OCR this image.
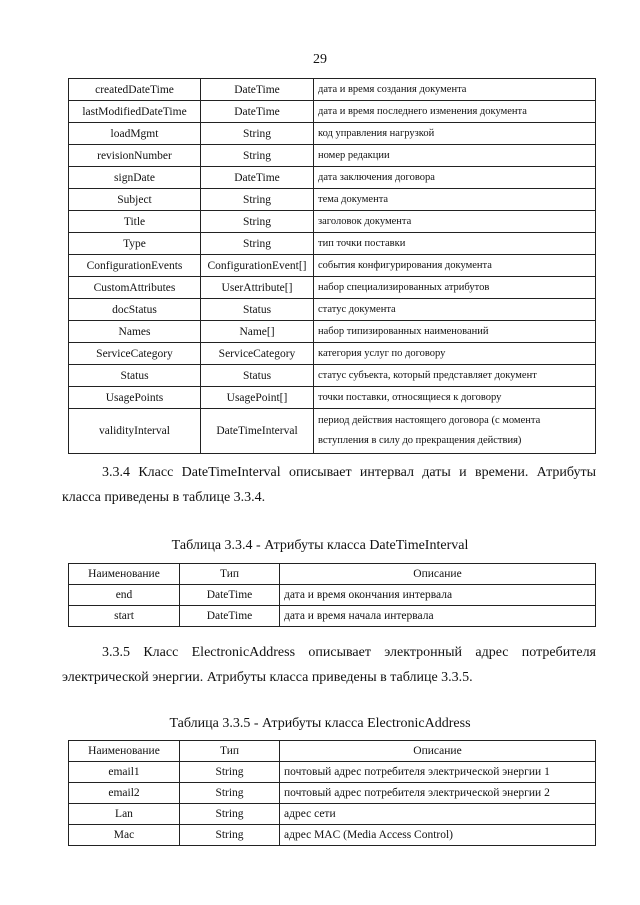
29
createdDateTime	DateTime	дата и время создания документа
lastModifiedDateTime	DateTime	дата и время последнего изменения документа
loadMgmt	String	код управления нагрузкой
revisionNumber	String	номер редакции
signDate	DateTime	дата заключения договора
Subject	String	тема документа
Title	String	заголовок документа
Type	String	тип точки поставки
ConfigurationEvents	ConfigurationEvent[]	события конфигурирования документа
CustomAttributes	UserAttribute[]	набор специализированных атрибутов
docStatus	Status	статус документа
Names	Name[]	набор типизированных наименований
ServiceCategory	ServiceCategory	категория услуг по договору
Status	Status	статус субъекта, который представляет документ
UsagePoints	UsagePoint[]	точки поставки, относящиеся к договору
validityInterval	DateTimeInterval	период действия настоящего договора (с момента вступления в силу до прекращения действия)
3.3.4 Класс DateTimeInterval описывает интервал даты и времени. Атрибуты класса приведены в таблице 3.3.4.
Таблица 3.3.4 - Атрибуты класса DateTimeInterval
Наименование	Тип	Описание
end	DateTime	дата и время окончания интервала
start	DateTime	дата и время начала интервала
3.3.5 Класс ElectronicAddress описывает электронный адрес потребителя электрической энергии. Атрибуты класса приведены в таблице 3.3.5.
Таблица 3.3.5 - Атрибуты класса ElectronicAddress
Наименование	Тип	Описание
email1	String	почтовый адрес потребителя электрической энергии 1
email2	String	почтовый адрес потребителя электрической энергии 2
Lan	String	адрес сети
Mac	String	адрес MAC (Media Access Control)
